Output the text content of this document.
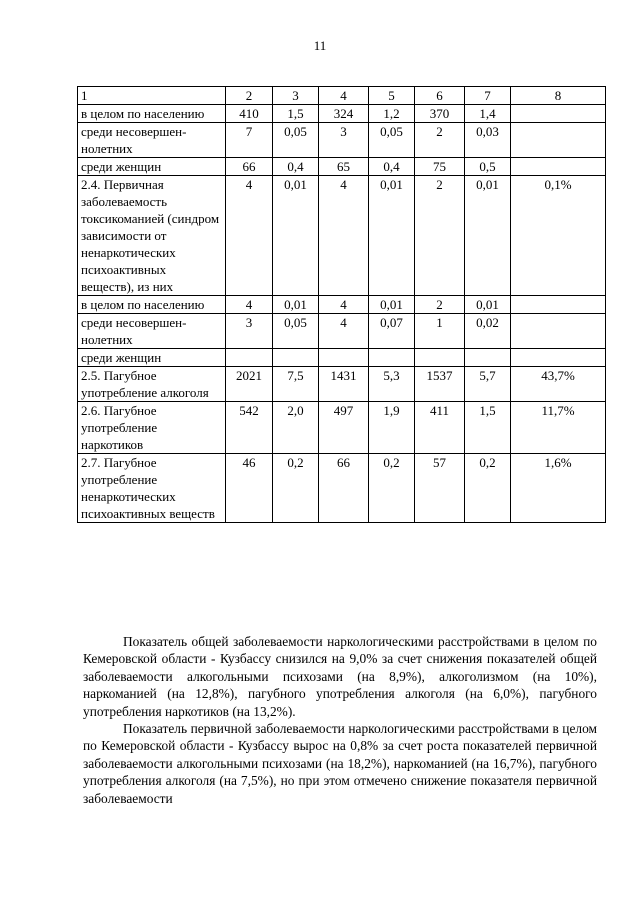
11
1	2	3	4	5	6	7	8
в целом по населению	410	1,5	324	1,2	370	1,4	
среди несовершен-нолетних	7	0,05	3	0,05	2	0,03	
среди женщин	66	0,4	65	0,4	75	0,5	
2.4. Первичная заболеваемость токсикоманией (синдром зависимости от ненаркотических психоактивных веществ), из них	4	0,01	4	0,01	2	0,01	0,1%
в целом по населению	4	0,01	4	0,01	2	0,01	
среди несовершен-нолетних	3	0,05	4	0,07	1	0,02	
среди женщин							
2.5. Пагубное употребление алкоголя	2021	7,5	1431	5,3	1537	5,7	43,7%
2.6. Пагубное употребление наркотиков	542	2,0	497	1,9	411	1,5	11,7%
2.7. Пагубное употребление ненаркотических психоактивных веществ	46	0,2	66	0,2	57	0,2	1,6%

Показатель общей заболеваемости наркологическими расстройствами в целом по Кемеровской области - Кузбассу снизился на 9,0% за счет снижения показателей общей заболеваемости алкогольными психозами (на 8,9%), алкоголизмом (на 10%), наркоманией (на 12,8%), пагубного употребления алкоголя (на 6,0%), пагубного употребления наркотиков (на 13,2%).

Показатель первичной заболеваемости наркологическими расстройствами в целом по Кемеровской области - Кузбассу вырос на 0,8% за счет роста показателей первичной заболеваемости алкогольными психозами (на 18,2%), наркоманией (на 16,7%), пагубного употребления алкоголя (на 7,5%), но при этом отмечено снижение показателя первичной заболеваемости
